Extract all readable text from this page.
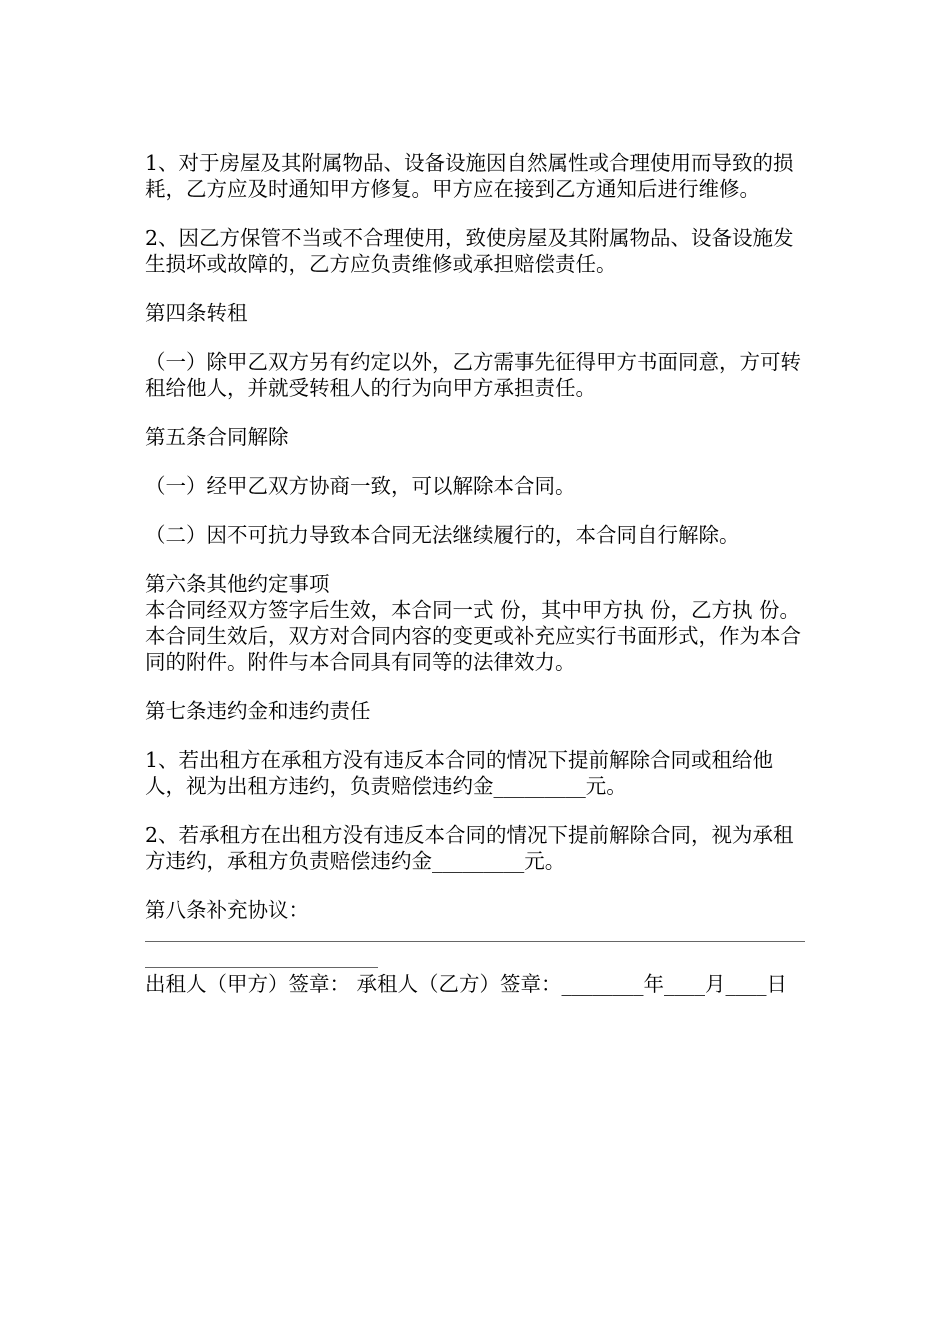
1、对于房屋及其附属物品、设备设施因自然属性或合理使用而导致的损耗，乙方应及时通知甲方修复。甲方应在接到乙方通知后进行维修。

2、因乙方保管不当或不合理使用，致使房屋及其附属物品、设备设施发生损坏或故障的，乙方应负责维修或承担赔偿责任。

第四条转租

（一）除甲乙双方另有约定以外，乙方需事先征得甲方书面同意，方可转租给他人，并就受转租人的行为向甲方承担责任。

第五条合同解除

（一）经甲乙双方协商一致，可以解除本合同。

（二）因不可抗力导致本合同无法继续履行的，本合同自行解除。

第六条其他约定事项

本合同经双方签字后生效，本合同一式 份，其中甲方执 份，乙方执 份。

本合同生效后，双方对合同内容的变更或补充应实行书面形式，作为本合同的附件。附件与本合同具有同等的法律效力。

第七条违约金和违约责任

1、若出租方在承租方没有违反本合同的情况下提前解除合同或租给他人，视为出租方违约，负责赔偿违约金_________元。

2、若承租方在出租方没有违反本合同的情况下提前解除合同，视为承租方违约，承租方负责赔偿违约金_________元。

第八条补充协议：

出租人（甲方）签章： 承租人（乙方）签章：________年____月____日
